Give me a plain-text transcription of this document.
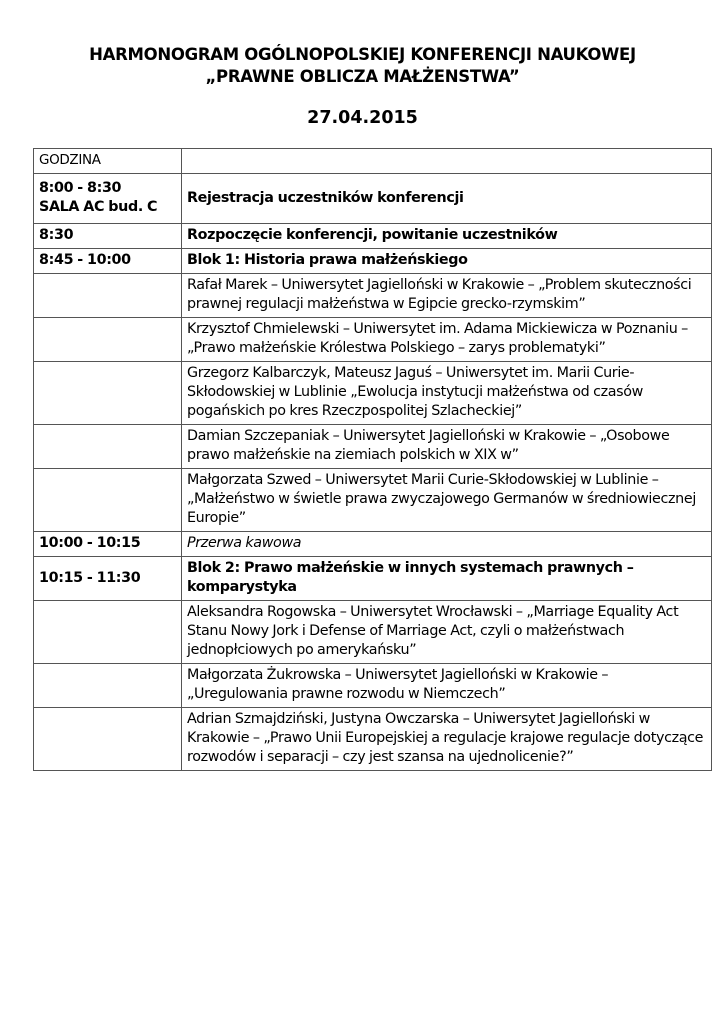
HARMONOGRAM OGÓLNOPOLSKIEJ KONFERENCJI NAUKOWEJ
„PRAWNE OBLICZA MAŁŻENSTWA”
27.04.2015
GODZINA	

8:00 - 8:30
SALA AC bud. C	Rejestracja uczestników konferencji
8:30	Rozpoczęcie konferencji, powitanie uczestników
8:45 - 10:00	Blok 1: Historia prawa małżeńskiego
	Rafał Marek – Uniwersytet Jagielloński w Krakowie – „Problem skuteczności prawnej regulacji małżeństwa w Egipcie grecko-rzymskim”
	Krzysztof Chmielewski – Uniwersytet im. Adama Mickiewicza w Poznaniu – „Prawo małżeńskie Królestwa Polskiego – zarys problematyki”
	Grzegorz Kalbarczyk, Mateusz Jaguś – Uniwersytet im. Marii Curie-Skłodowskiej w Lublinie „Ewolucja instytucji małżeństwa od czasów pogańskich po kres Rzeczpospolitej Szlacheckiej”
	Damian Szczepaniak – Uniwersytet Jagielloński w Krakowie – „Osobowe prawo małżeńskie na ziemiach polskich w XIX w”
	Małgorzata Szwed – Uniwersytet Marii Curie-Skłodowskiej w Lublinie – „Małżeństwo w świetle prawa zwyczajowego Germanów w średniowiecznej Europie”
10:00 - 10:15	Przerwa kawowa
10:15 - 11:30	Blok 2: Prawo małżeńskie w innych systemach prawnych – komparystyka
	Aleksandra Rogowska – Uniwersytet Wrocławski – „Marriage Equality Act Stanu Nowy Jork i Defense of Marriage Act, czyli o małżeństwach jednopłciowych po amerykańsku”
	Małgorzata Żukrowska – Uniwersytet Jagielloński w Krakowie – „Uregulowania prawne rozwodu w Niemczech”
	Adrian Szmajdziński, Justyna Owczarska – Uniwersytet Jagielloński w Krakowie – „Prawo Unii Europejskiej a regulacje krajowe regulacje dotyczące rozwodów i separacji – czy jest szansa na ujednolicenie?”
